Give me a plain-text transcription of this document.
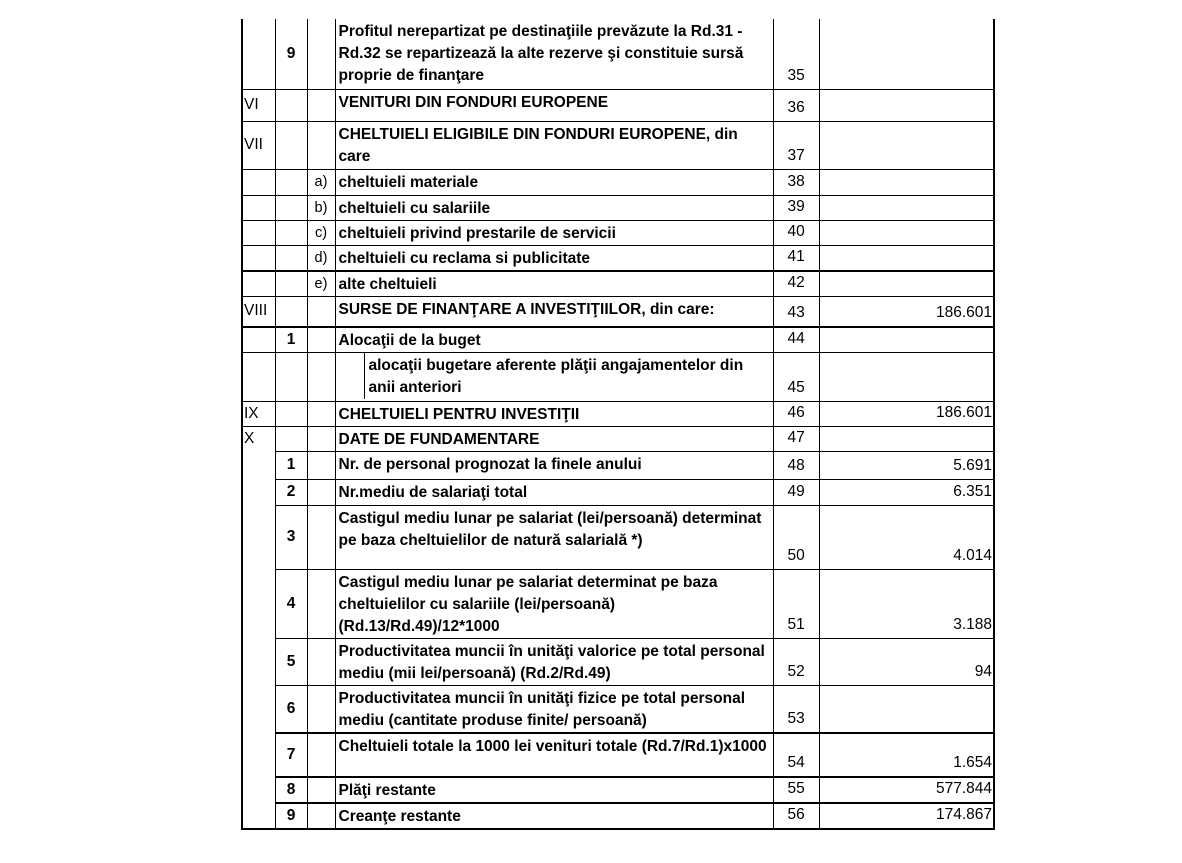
	9		Profitul nerepartizat pe destinaţiile prevăzute la Rd.31 - Rd.32 se repartizează la alte rezerve şi constituie sursă proprie de finanţare	35	
VI			VENITURI DIN FONDURI EUROPENE	36	
VII			CHELTUIELI ELIGIBILE DIN FONDURI EUROPENE, din care	37	
		a)	cheltuieli materiale	38	
		b)	cheltuieli cu salariile	39	
		c)	cheltuieli privind prestarile de servicii	40	
		d)	cheltuieli cu reclama si publicitate	41	
		e)	alte cheltuieli	42	
VIII			SURSE DE FINANŢARE A INVESTIŢIILOR, din care:	43	186.601
	1		Alocaţii de la buget	44	

			alocaţii bugetare aferente plăţii angajamentelor din anii anteriori	45	
IX			CHELTUIELI PENTRU INVESTIŢII	46	186.601
X			DATE DE FUNDAMENTARE	47	
	1		Nr. de personal prognozat la finele anului	48	5.691
	2		Nr.mediu de salariaţi total	49	6.351
	3		Castigul mediu lunar pe salariat (lei/persoană) determinat pe baza cheltuielilor de natură salarială *)	50	4.014
	4		Castigul mediu lunar pe salariat determinat pe baza cheltuielilor cu salariile (lei/persoană) (Rd.13/Rd.49)/12*1000	51	3.188
	5		Productivitatea muncii în unităţi valorice pe total personal mediu (mii lei/persoană) (Rd.2/Rd.49)	52	94
	6		Productivitatea muncii în unităţi fizice pe total personal mediu (cantitate produse finite/ persoană)	53	
	7		Cheltuieli totale la 1000 lei venituri totale (Rd.7/Rd.1)x1000	54	1.654
	8		Plăţi restante	55	577.844
	9		Creanţe restante	56	174.867
